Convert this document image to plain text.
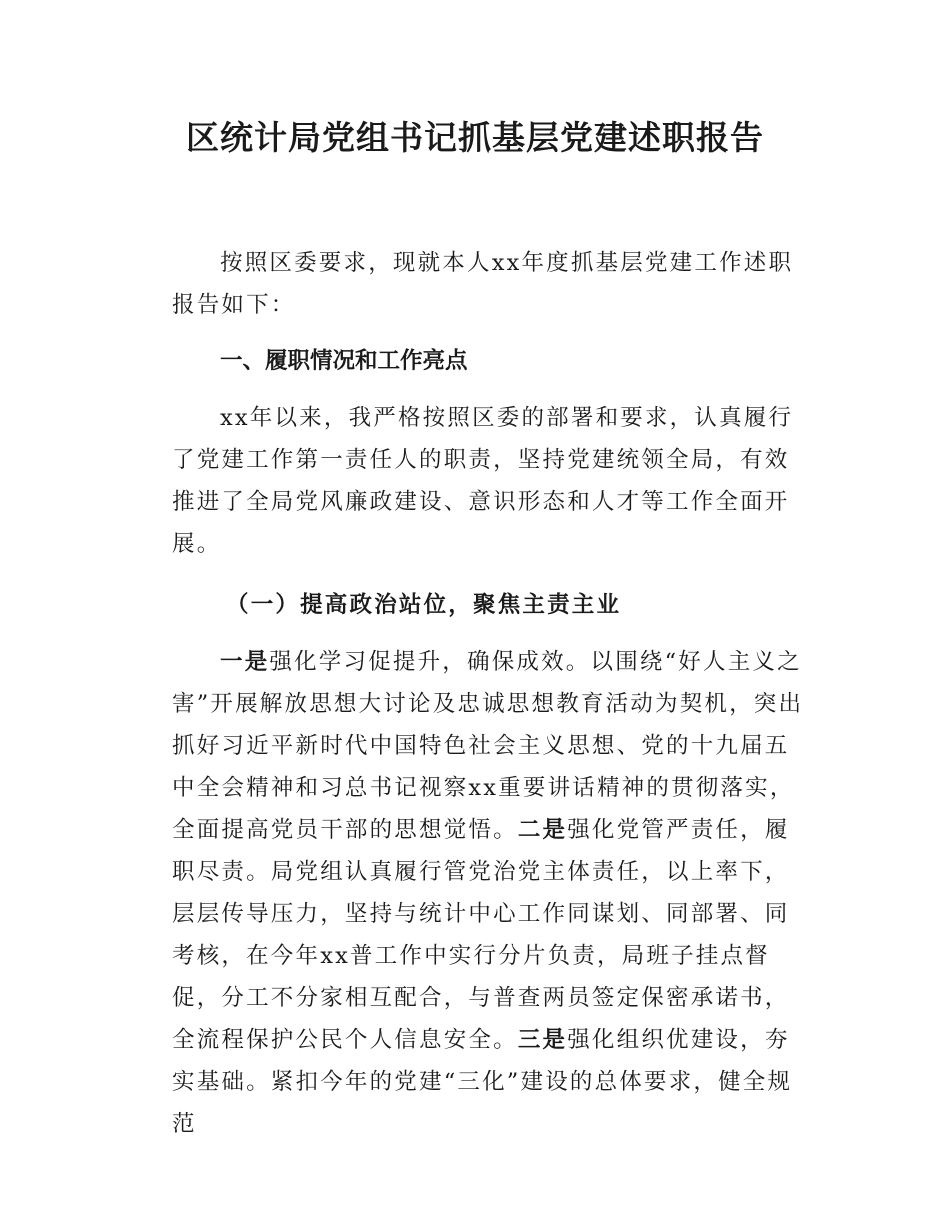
区统计局党组书记抓基层党建述职报告

按照区委要求，现就本人xx年度抓基层党建工作述职报告如下：

一、履职情况和工作亮点

xx年以来，我严格按照区委的部署和要求，认真履行了党建工作第一责任人的职责，坚持党建统领全局，有效推进了全局党风廉政建设、意识形态和人才等工作全面开展。

（一）提高政治站位，聚焦主责主业

一是强化学习促提升，确保成效。以围绕“好人主义之害”开展解放思想大讨论及忠诚思想教育活动为契机，突出抓好习近平新时代中国特色社会主义思想、党的十九届五中全会精神和习总书记视察xx重要讲话精神的贯彻落实，全面提高党员干部的思想觉悟。二是强化党管严责任，履职尽责。局党组认真履行管党治党主体责任，以上率下，层层传导压力，坚持与统计中心工作同谋划、同部署、同考核，在今年xx普工作中实行分片负责，局班子挂点督促，分工不分家相互配合，与普查两员签定保密承诺书，全流程保护公民个人信息安全。三是强化组织优建设，夯实基础。紧扣今年的党建“三化”建设的总体要求，健全规范
